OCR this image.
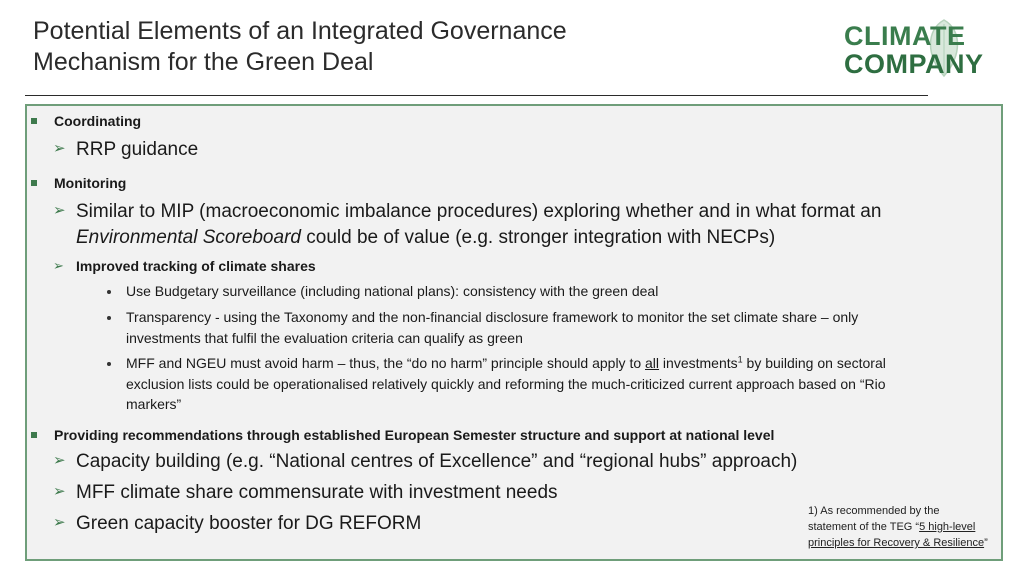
Potential Elements of an Integrated Governance
Mechanism for the Green Deal
CLIMATE
COMPANY
Coordinating
➢ RRP guidance
Monitoring
➢ Similar to MIP (macroeconomic imbalance procedures) exploring whether and in what format an
Environmental Scoreboard could be of value (e.g. stronger integration with NECPs)
➢ Improved tracking of climate shares
Use Budgetary surveillance (including national plans): consistency with the green deal
Transparency - using the Taxonomy and the non-financial disclosure framework to monitor the set climate share – only
investments that fulfil the evaluation criteria can qualify as green
MFF and NGEU must avoid harm – thus, the “do no harm” principle should apply to all investments$^1$ by building on sectoral
exclusion lists could be operationalised relatively quickly and reforming the much-criticized current approach based on “Rio
markers”
Providing recommendations through established European Semester structure and support at national level
➢ Capacity building (e.g. “National centres of Excellence” and “regional hubs” approach)
➢ MFF climate share commensurate with investment needs
➢ Green capacity booster for DG REFORM
1) As recommended by the
statement of the TEG “5 high-level
principles for Recovery & Resilience”
